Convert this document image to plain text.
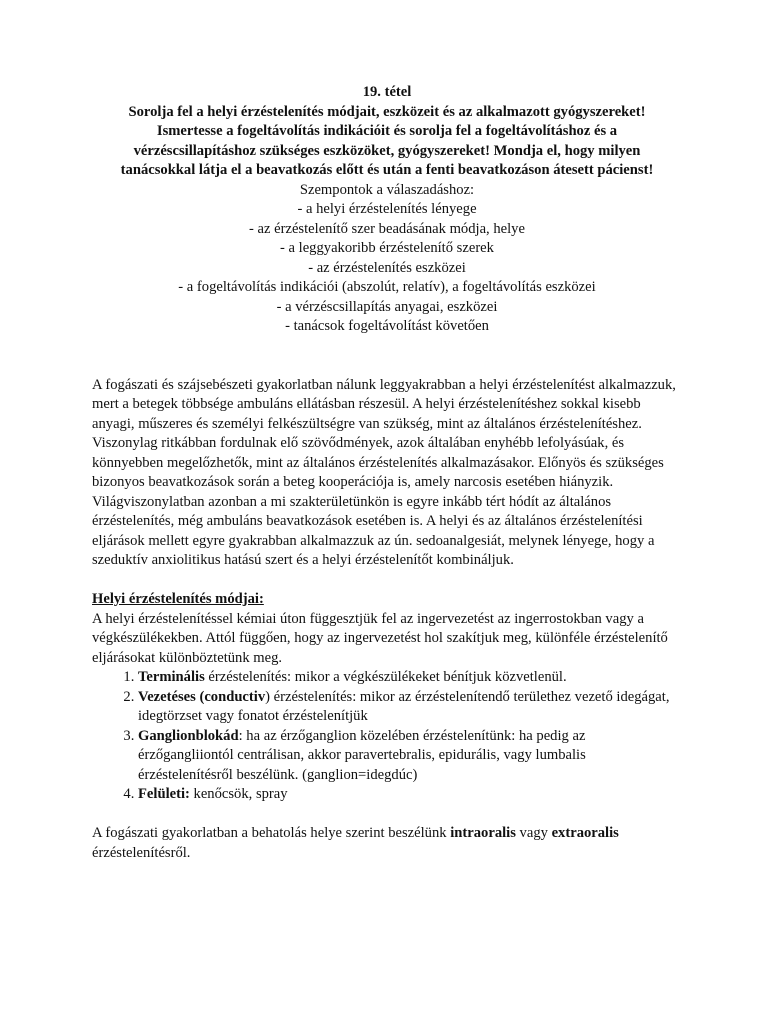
19. tétel
Sorolja fel a helyi érzéstelenítés módjait, eszközeit és az alkalmazott gyógyszereket!
Ismertesse a fogeltávolítás indikációit és sorolja fel a fogeltávolításhoz és a
vérzéscsillapításhoz szükséges eszközöket, gyógyszereket! Mondja el, hogy milyen
tanácsokkal látja el a beavatkozás előtt és után a fenti beavatkozáson átesett pácienst!
Szempontok a válaszadáshoz:
- a helyi érzéstelenítés lényege
- az érzéstelenítő szer beadásának módja, helye
- a leggyakoribb érzéstelenítő szerek
- az érzéstelenítés eszközei
- a fogeltávolítás indikációi (abszolút, relatív), a fogeltávolítás eszközei
- a vérzéscsillapítás anyagai, eszközei
- tanácsok fogeltávolítást követően

A fogászati és szájsebészeti gyakorlatban nálunk leggyakrabban a helyi érzéstelenítést alkalmazzuk, mert a betegek többsége ambuláns ellátásban részesül. A helyi érzéstelenítéshez sokkal kisebb anyagi, műszeres és személyi felkészültségre van szükség, mint az általános érzéstelenítéshez. Viszonylag ritkábban fordulnak elő szövődmények, azok általában enyhébb lefolyásúak, és könnyebben megelőzhetők, mint az általános érzéstelenítés alkalmazásakor. Előnyös és szükséges bizonyos beavatkozások során a beteg kooperációja is, amely narcosis esetében hiányzik.

Világviszonylatban azonban a mi szakterületünkön is egyre inkább tért hódít az általános érzéstelenítés, még ambuláns beavatkozások esetében is. A helyi és az általános érzéstelenítési eljárások mellett egyre gyakrabban alkalmazzuk az ún. sedoanalgesiát, melynek lényege, hogy a szeduktív anxiolitikus hatású szert és a helyi érzéstelenítőt kombináljuk.

Helyi érzéstelenítés módjai:

A helyi érzéstelenítéssel kémiai úton függesztjük fel az ingervezetést az ingerrostokban vagy a végkészülékekben. Attól függően, hogy az ingervezetést hol szakítjuk meg, különféle érzéstelenítő eljárásokat különböztetünk meg.

1. Terminális érzéstelenítés: mikor a végkészülékeket bénítjuk közvetlenül.
2. Vezetéses (conductiv) érzéstelenítés: mikor az érzéstelenítendő területhez vezető idegágat, idegtörzset vagy fonatot érzéstelenítjük
3. Ganglionblokád: ha az érzőganglion közelében érzéstelenítünk: ha pedig az érzőgangliiontól centrálisan, akkor paravertebralis, epidurális, vagy lumbalis érzéstelenítésről beszélünk. (ganglion=idegdúc)
4. Felületi: kenőcsök, spray

A fogászati gyakorlatban a behatolás helye szerint beszélünk intraoralis vagy extraoralis érzéstelenítésről.
